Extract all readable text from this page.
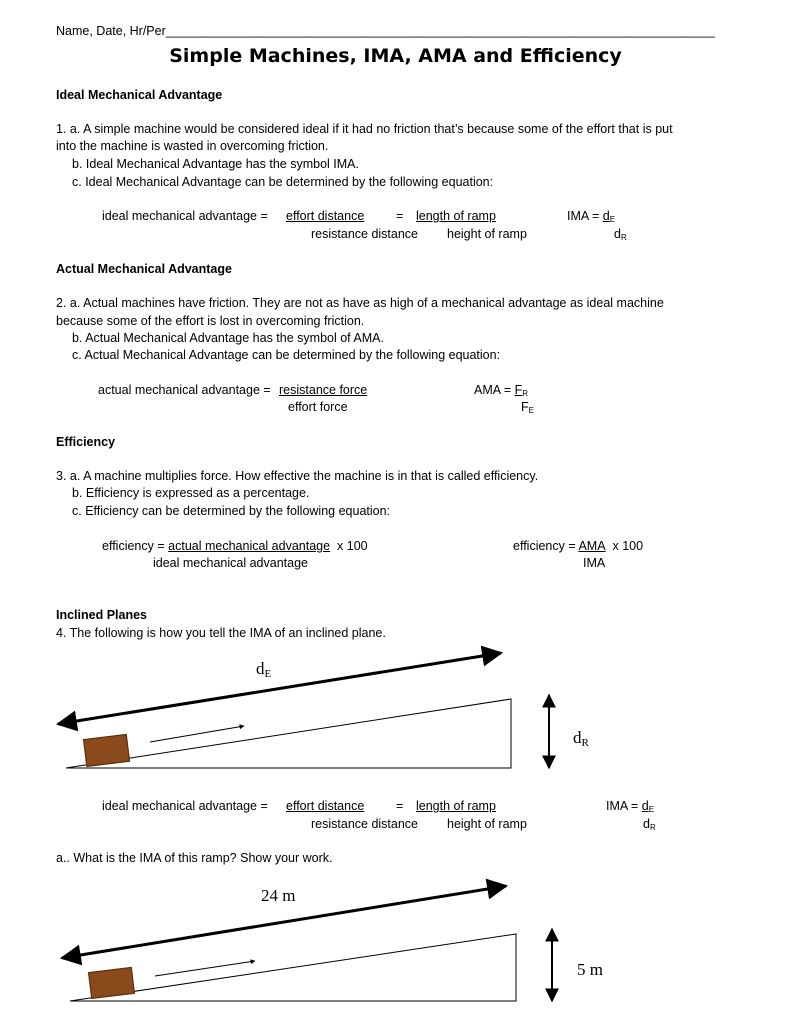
Name, Date, Hr/Per_______________________________________________________________________________
Simple Machines, IMA, AMA and Efficiency
Ideal Mechanical Advantage
1. a. A simple machine would be considered ideal if it had no friction that’s because some of the effort that is put
into the machine is wasted in overcoming friction.
b. Ideal Mechanical Advantage has the symbol IMA.
c. Ideal Mechanical Advantage can be determined by the following equation:
ideal mechanical advantage = effort distance	= length of ramp
resistance distance height of ramp
IMA = $d_E$
$d_R$
Actual Mechanical Advantage
2. a. Actual machines have friction. They are not as have as high of a mechanical advantage as ideal machine
because some of the effort is lost in overcoming friction.
b. Actual Mechanical Advantage has the symbol of AMA.
c. Actual Mechanical Advantage can be determined by the following equation:
actual mechanical advantage = resistance force
effort force
AMA = $F_R$
$F_E$
Efficiency
3. a. A machine multiplies force. How effective the machine is in that is called efficiency.
b. Efficiency is expressed as a percentage.
c. Efficiency can be determined by the following equation:
efficiency = actual mechanical advantage x 100
ideal mechanical advantage
efficiency = AMA x 100
IMA
Inclined Planes
4. The following is how you tell the IMA of an inclined plane.
dE
dR
ideal mechanical advantage = effort distance	= length of ramp
resistance distance height of ramp
IMA = $d_E$
$d_R$
a.. What is the IMA of this ramp? Show your work.
24 m
5 m
